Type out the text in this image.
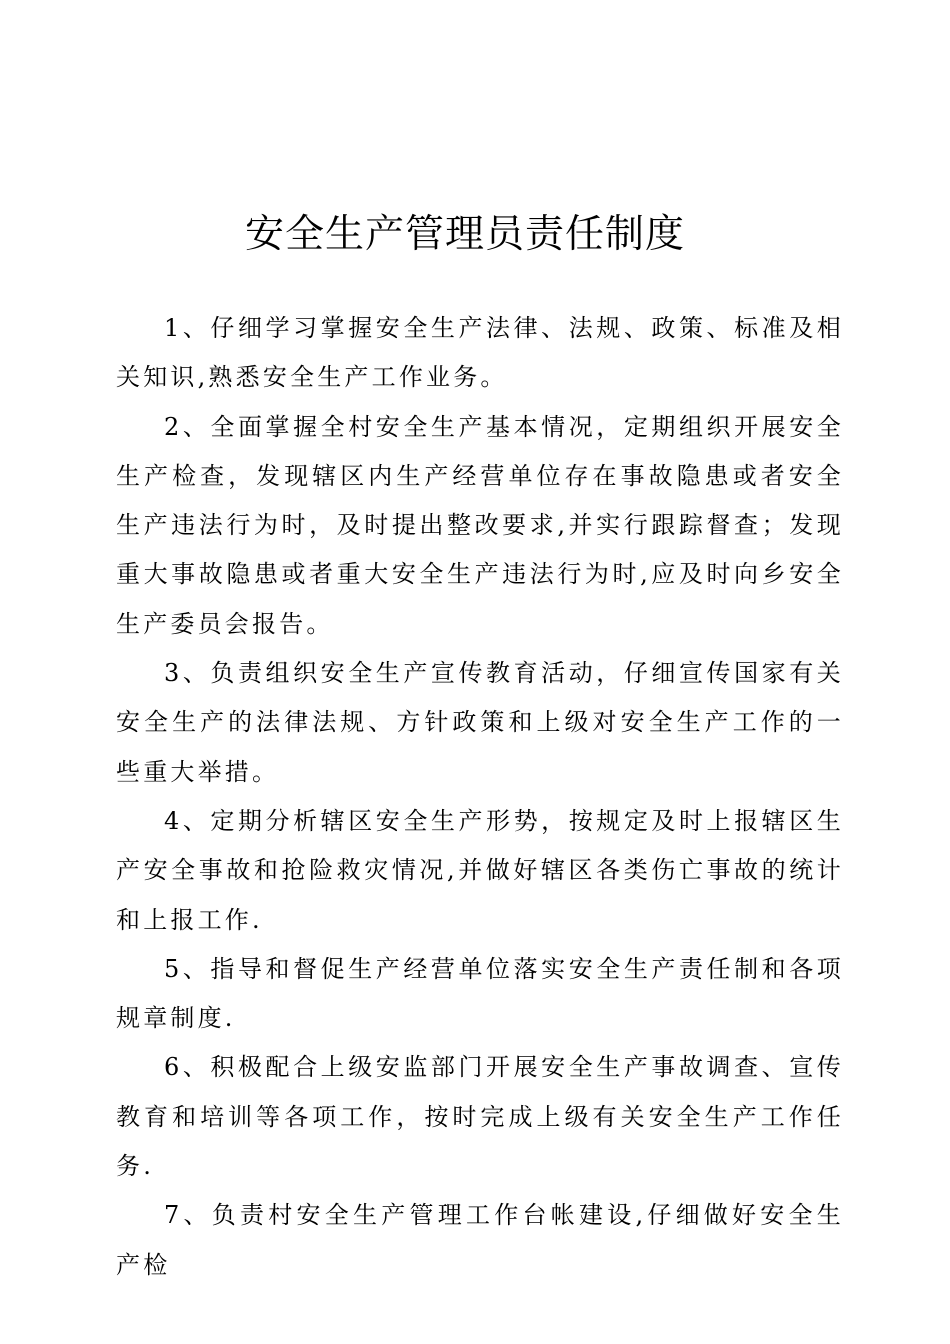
安全生产管理员责任制度

1、仔细学习掌握安全生产法律、法规、政策、标准及相关知识,熟悉安全生产工作业务。

2、全面掌握全村安全生产基本情况，定期组织开展安全生产检查，发现辖区内生产经营单位存在事故隐患或者安全生产违法行为时，及时提出整改要求,并实行跟踪督查；发现重大事故隐患或者重大安全生产违法行为时,应及时向乡安全生产委员会报告。

3、负责组织安全生产宣传教育活动，仔细宣传国家有关安全生产的法律法规、方针政策和上级对安全生产工作的一些重大举措。

4、定期分析辖区安全生产形势，按规定及时上报辖区生产安全事故和抢险救灾情况,并做好辖区各类伤亡事故的统计和上报工作.

5、指导和督促生产经营单位落实安全生产责任制和各项规章制度.

6、积极配合上级安监部门开展安全生产事故调查、宣传教育和培训等各项工作，按时完成上级有关安全生产工作任务.

7、负责村安全生产管理工作台帐建设,仔细做好安全生产检
